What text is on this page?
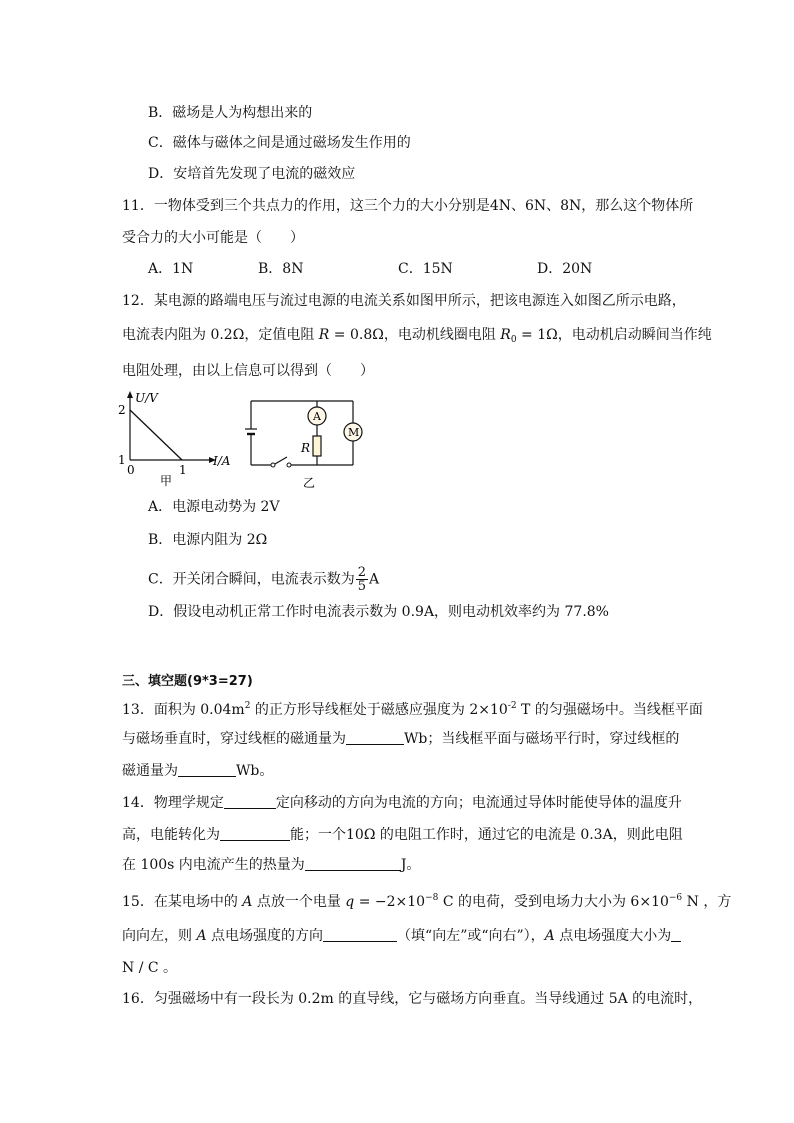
B．磁场是人为构想出来的
C．磁体与磁体之间是通过磁场发生作用的
D．安培首先发现了电流的磁效应
11．一物体受到三个共点力的作用，这三个力的大小分别是4N、6N、8N，那么这个物体所
受合力的大小可能是（　　）
A．1N	B．8N	C．15N	D．20N
12．某电源的路端电压与流过电源的电流关系如图甲所示，把该电源连入如图乙所示电路，
电流表内阻为 0.2Ω，定值电阻 R = 0.8Ω，电动机线圈电阻 $R_0 = 1\Omega$，电动机启动瞬间当作纯
电阻处理，由以上信息可以得到（　　）
U/V
2
1
0	1
I/A
甲
A
R
M
乙
A．电源电动势为 2V
B．电源内阻为 2Ω
C．开关闭合瞬间，电流表示数为 $\frac{2}{5}$ A
D．假设电动机正常工作时电流表示数为 0.9A，则电动机效率约为 77.8%
三、填空题(9*3=27)
13．面积为 $0.04m^2$ 的正方形导线框处于磁感应强度为 $2\times 10^{-2}$ T 的匀强磁场中。当线框平面
与磁场垂直时，穿过线框的磁通量为	Wb；当线框平面与磁场平行时，穿过线框的
磁通量为	Wb。
14．物理学规定	定向移动的方向为电流的方向；电流通过导体时能使导体的温度升
高，电能转化为	能；一个10Ω 的电阻工作时，通过它的电流是 0.3A，则此电阻
在 100s 内电流产生的热量为	J。
15．在某电场中的 A 点放一个电量 $q = -2\times 10^{-8}$ C 的电荷，受到电场力大小为 $6\times 10^{-6}$ N ，方
向向左，则 A 点电场强度的方向	（填“向左”或“向右”），A 点电场强度大小为
N / C 。
16．匀强磁场中有一段长为 0.2m 的直导线，它与磁场方向垂直。当导线通过 5A 的电流时，
